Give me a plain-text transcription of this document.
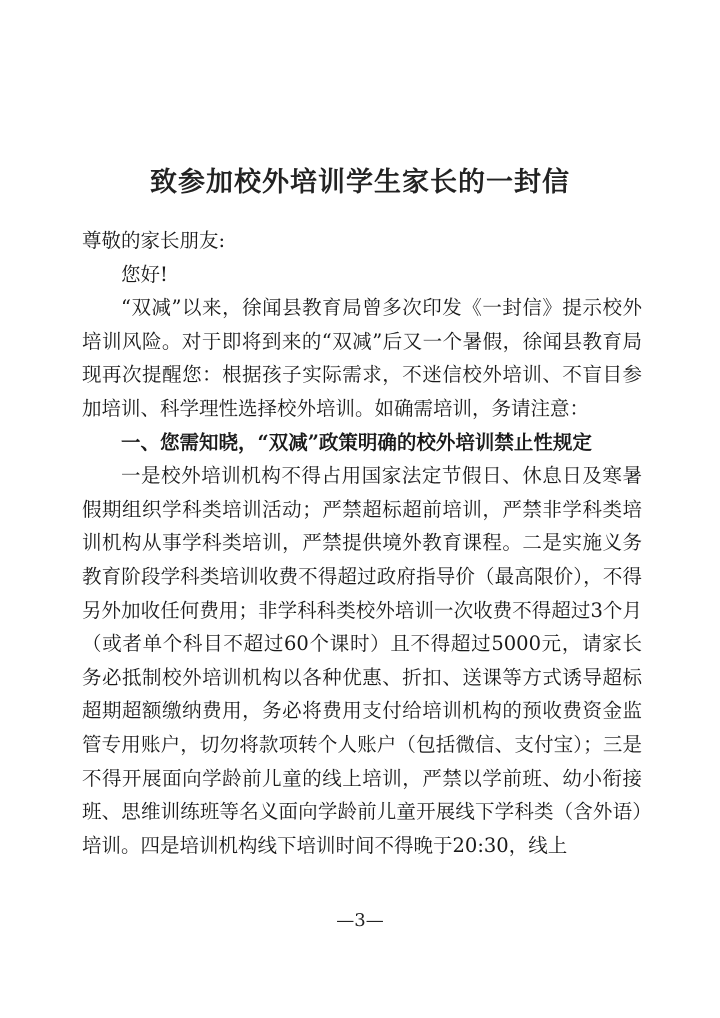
致参加校外培训学生家长的一封信

尊敬的家长朋友:

您好!

“双减”以来，徐闻县教育局曾多次印发《一封信》提示校外培训风险。对于即将到来的“双减”后又一个暑假，徐闻县教育局现再次提醒您：根据孩子实际需求，不迷信校外培训、不盲目参加培训、科学理性选择校外培训。如确需培训，务请注意：

一、您需知晓，“双减”政策明确的校外培训禁止性规定

一是校外培训机构不得占用国家法定节假日、休息日及寒暑假期组织学科类培训活动；严禁超标超前培训，严禁非学科类培训机构从事学科类培训，严禁提供境外教育课程。二是实施义务教育阶段学科类培训收费不得超过政府指导价（最高限价），不得另外加收任何费用；非学科科类校外培训一次收费不得超过3个月（或者单个科目不超过60个课时）且不得超过5000元，请家长务必抵制校外培训机构以各种优惠、折扣、送课等方式诱导超标超期超额缴纳费用，务必将费用支付给培训机构的预收费资金监管专用账户，切勿将款项转个人账户（包括微信、支付宝）；三是不得开展面向学龄前儿童的线上培训，严禁以学前班、幼小衔接班、思维训练班等名义面向学龄前儿童开展线下学科类（含外语）培训。四是培训机构线下培训时间不得晚于20:30，线上

—3—
